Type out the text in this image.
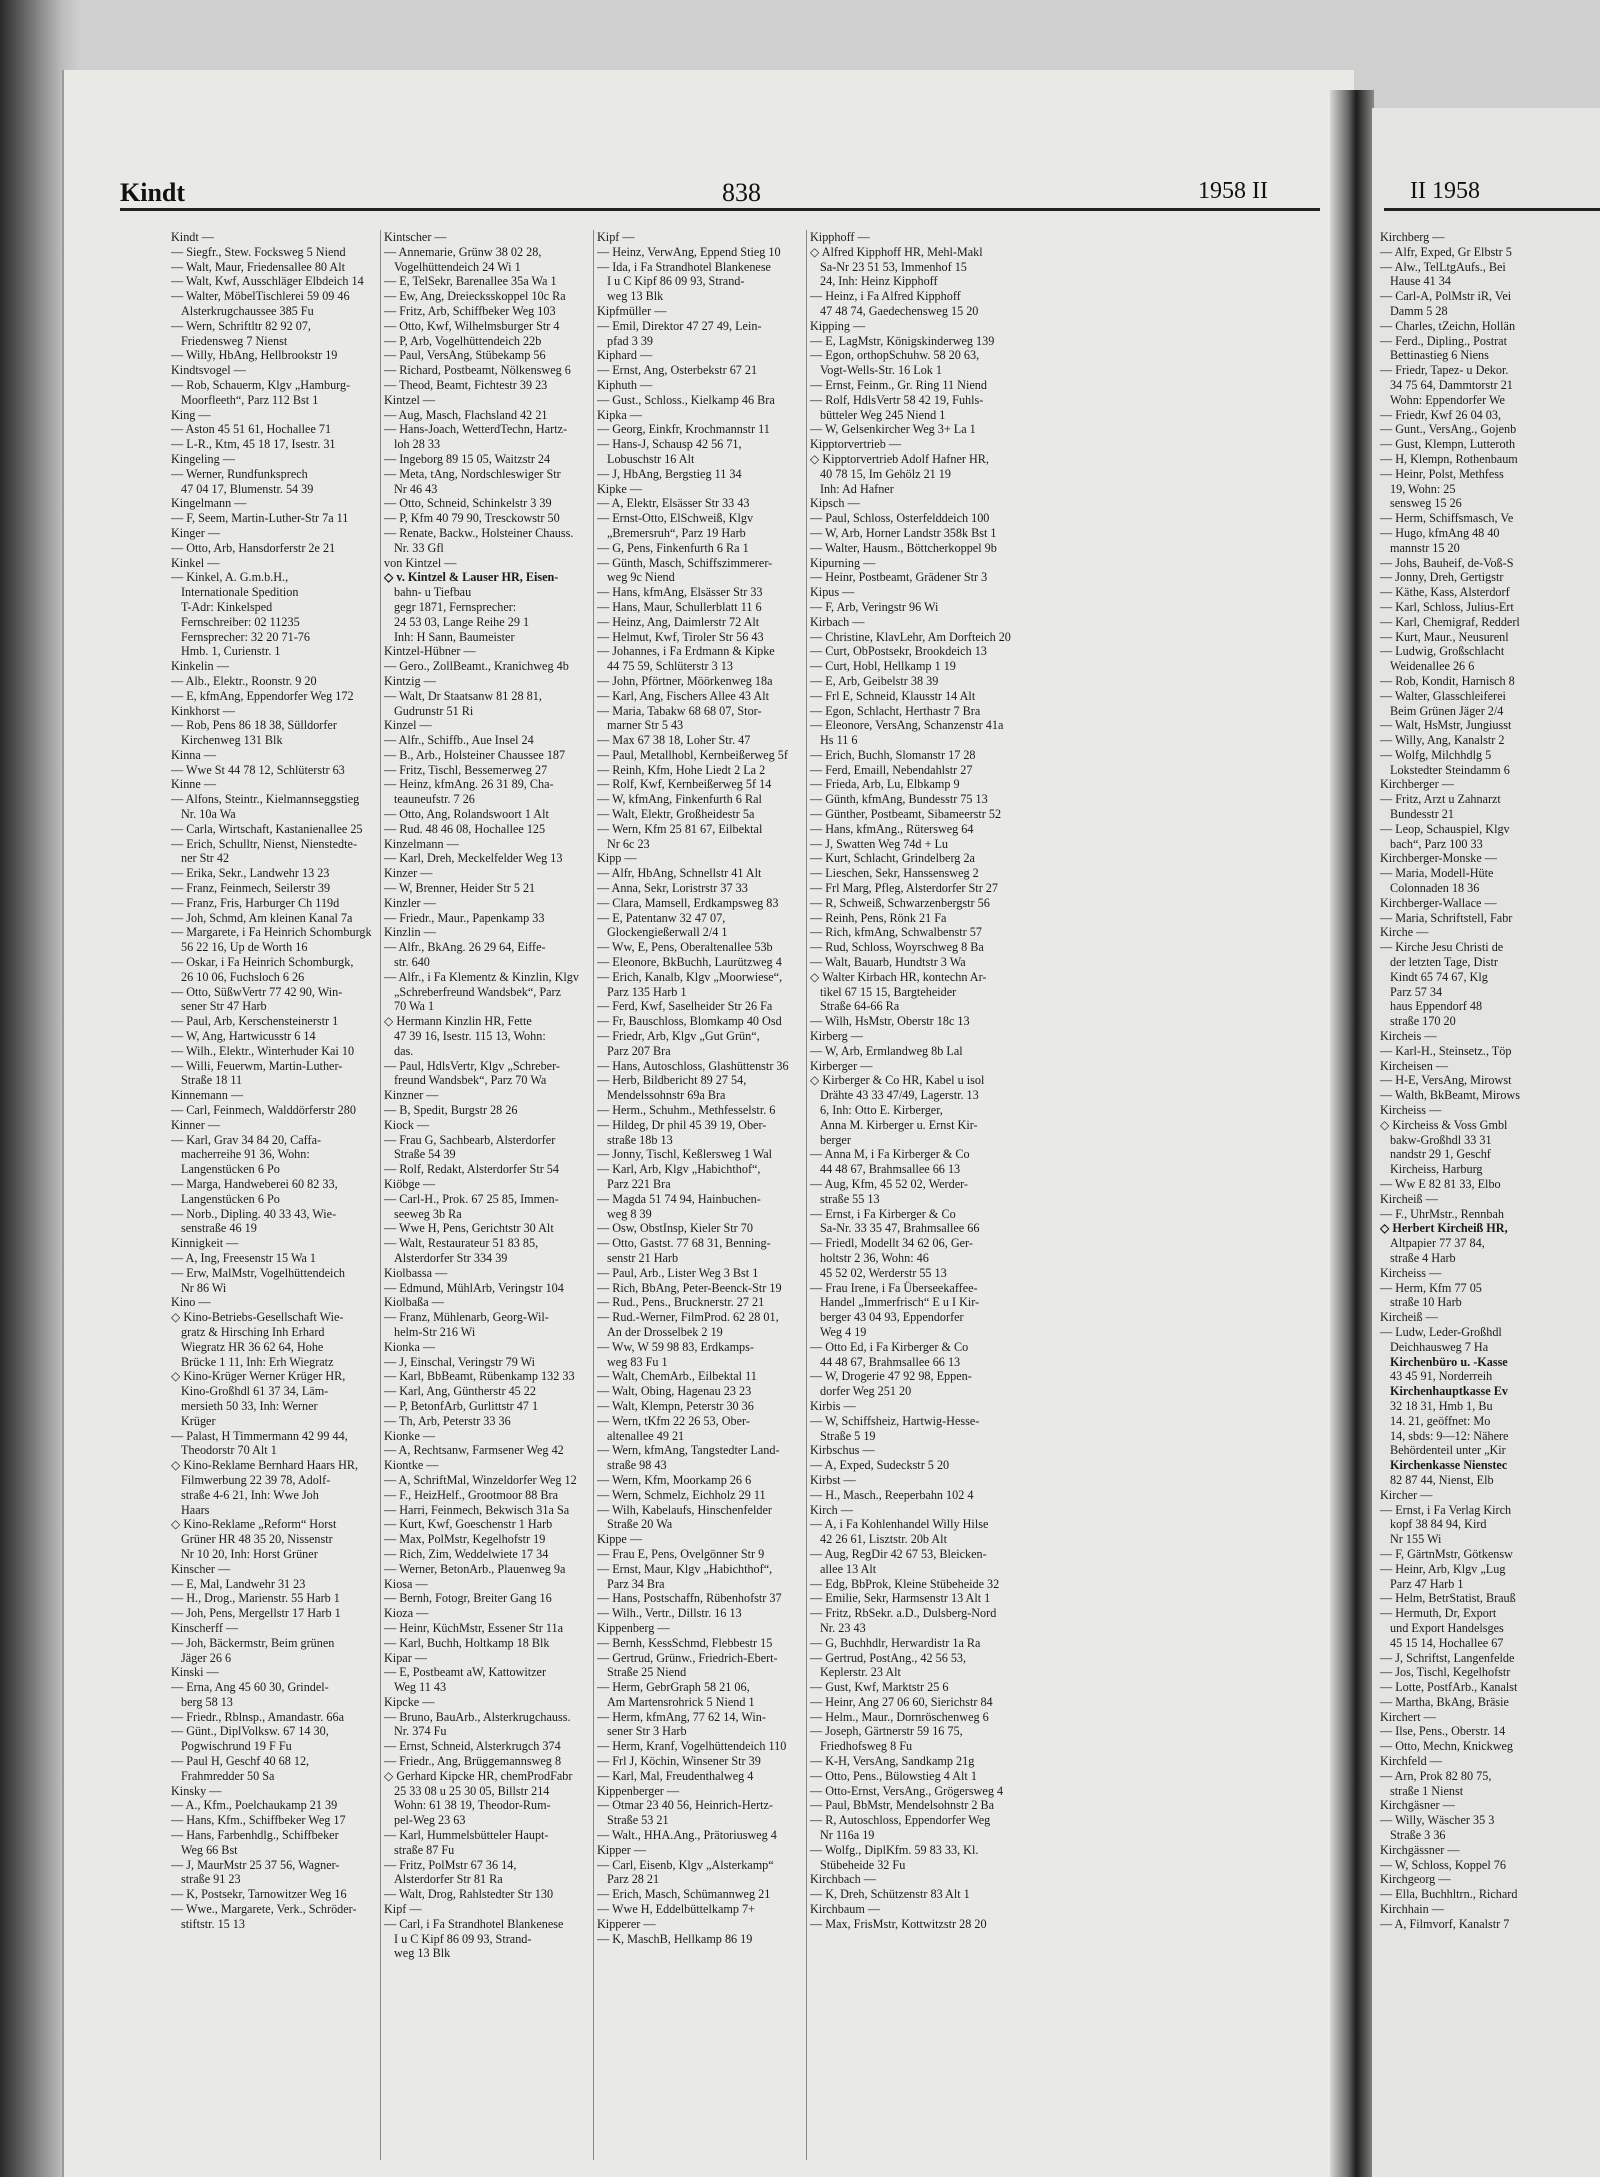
Kindt	838	1958 II	II 1958
Kindt —
— Siegfr., Stew. Focksweg 5 Niend
— Walt, Maur, Friedensallee 80 Alt
— Walt, Kwf, Ausschläger Elbdeich 14
— Walter, MöbelTischlerei 59 09 46
Alsterkrugchaussee 385 Fu
— Wern, Schriftltr 82 92 07,
Friedensweg 7 Nienst
— Willy, HbAng, Hellbrookstr 19
Kindtsvogel —
— Rob, Schauerm, Klgv „Hamburg-
Moorfleeth“, Parz 112 Bst 1
King —
— Aston 45 51 61, Hochallee 71
— L-R., Ktm, 45 18 17, Isestr. 31
Kingeling —
— Werner, Rundfunksprech
47 04 17, Blumenstr. 54 39
Kingelmann —
— F, Seem, Martin-Luther-Str 7a 11
Kinger —
— Otto, Arb, Hansdorferstr 2e 21
Kinkel —
— Kinkel, A. G.m.b.H.,
Internationale Spedition
T-Adr: Kinkelsped
Fernschreiber: 02 11235
Fernsprecher: 32 20 71-76
Hmb. 1, Curienstr. 1
Kinkelin —
— Alb., Elektr., Roonstr. 9 20
— E, kfmAng, Eppendorfer Weg 172
Kinkhorst —
— Rob, Pens 86 18 38, Sülldorfer
Kirchenweg 131 Blk
Kinna —
— Wwe St 44 78 12, Schlüterstr 63
Kinne —
— Alfons, Steintr., Kielmannseggstieg
Nr. 10a Wa
— Carla, Wirtschaft, Kastanienallee 25
— Erich, Schulltr, Nienst, Nienstedte-
ner Str 42
— Erika, Sekr., Landwehr 13 23
— Franz, Feinmech, Seilerstr 39
— Franz, Fris, Harburger Ch 119d
— Joh, Schmd, Am kleinen Kanal 7a
— Margarete, i Fa Heinrich Schomburgk
56 22 16, Up de Worth 16
— Oskar, i Fa Heinrich Schomburgk,
26 10 06, Fuchsloch 6 26
— Otto, SüßwVertr 77 42 90, Win-
sener Str 47 Harb
— Paul, Arb, Kerschensteinerstr 1
— W, Ang, Hartwicusstr 6 14
— Wilh., Elektr., Winterhuder Kai 10
— Willi, Feuerwm, Martin-Luther-
Straße 18 11
Kinnemann —
— Carl, Feinmech, Walddörferstr 280
Kinner —
— Karl, Grav 34 84 20, Caffa-
macherreihe 91 36, Wohn:
Langenstücken 6 Po
— Marga, Handweberei 60 82 33,
Langenstücken 6 Po
— Norb., Dipling. 40 33 43, Wie-
senstraße 46 19
Kinnigkeit —
— A, Ing, Freesenstr 15 Wa 1
— Erw, MalMstr, Vogelhüttendeich
Nr 86 Wi
Kino —
◇ Kino-Betriebs-Gesellschaft Wie-
gratz & Hirsching Inh Erhard
Wiegratz HR 36 62 64, Hohe
Brücke 1 11, Inh: Erh Wiegratz
◇ Kino-Krüger Werner Krüger HR,
Kino-Großhdl 61 37 34, Läm-
mersieth 50 33, Inh: Werner
Krüger
— Palast, H Timmermann 42 99 44,
Theodorstr 70 Alt 1
◇ Kino-Reklame Bernhard Haars HR,
Filmwerbung 22 39 78, Adolf-
straße 4-6 21, Inh: Wwe Joh
Haars
◇ Kino-Reklame „Reform“ Horst
Grüner HR 48 35 20, Nissenstr
Nr 10 20, Inh: Horst Grüner
Kinscher —
— E, Mal, Landwehr 31 23
— H., Drog., Marienstr. 55 Harb 1
— Joh, Pens, Mergellstr 17 Harb 1
Kinscherff —
— Joh, Bäckermstr, Beim grünen
Jäger 26 6
Kinski —
— Erna, Ang 45 60 30, Grindel-
berg 58 13
— Friedr., Rblnsp., Amandastr. 66a
— Günt., DiplVolksw. 67 14 30,
Pogwischrund 19 F Fu
— Paul H, Geschf 40 68 12,
Frahmredder 50 Sa
Kinsky —
— A., Kfm., Poelchaukamp 21 39
— Hans, Kfm., Schiffbeker Weg 17
— Hans, Farbenhdlg., Schiffbeker
Weg 66 Bst
— J, MaurMstr 25 37 56, Wagner-
straße 91 23
— K, Postsekr, Tarnowitzer Weg 16
— Wwe., Margarete, Verk., Schröder-
stiftstr. 15 13
Kintscher —
— Annemarie, Grünw 38 02 28,
Vogelhüttendeich 24 Wi 1
— E, TelSekr, Barenallee 35a Wa 1
— Ew, Ang, Dreiecksskoppel 10c Ra
— Fritz, Arb, Schiffbeker Weg 103
— Otto, Kwf, Wilhelmsburger Str 4
— P, Arb, Vogelhüttendeich 22b
— Paul, VersAng, Stübekamp 56
— Richard, Postbeamt, Nölkensweg 6
— Theod, Beamt, Fichtestr 39 23
Kintzel —
— Aug, Masch, Flachsland 42 21
— Hans-Joach, WetterdTechn, Hartz-
loh 28 33
— Ingeborg 89 15 05, Waitzstr 24
— Meta, tAng, Nordschleswiger Str
Nr 46 43
— Otto, Schneid, Schinkelstr 3 39
— P, Kfm 40 79 90, Tresckowstr 50
— Renate, Backw., Holsteiner Chauss.
Nr. 33 Gfl
von Kintzel —
◇ v. Kintzel & Lauser HR, Eisen-
bahn- u Tiefbau
gegr 1871, Fernsprecher:
24 53 03, Lange Reihe 29 1
Inh: H Sann, Baumeister
Kintzel-Hübner —
— Gero., ZollBeamt., Kranichweg 4b
Kintzig —
— Walt, Dr Staatsanw 81 28 81,
Gudrunstr 51 Ri
Kinzel —
— Alfr., Schiffb., Aue Insel 24
— B., Arb., Holsteiner Chaussee 187
— Fritz, Tischl, Bessemerweg 27
— Heinz, kfmAng. 26 31 89, Cha-
teauneufstr. 7 26
— Otto, Ang, Rolandswoort 1 Alt
— Rud. 48 46 08, Hochallee 125
Kinzelmann —
— Karl, Dreh, Meckelfelder Weg 13
Kinzer —
— W, Brenner, Heider Str 5 21
Kinzler —
— Friedr., Maur., Papenkamp 33
Kinzlin —
— Alfr., BkAng. 26 29 64, Eiffe-
str. 640
— Alfr., i Fa Klementz & Kinzlin, Klgv
„Schreberfreund Wandsbek“, Parz
70 Wa 1
◇ Hermann Kinzlin HR, Fette
47 39 16, Isestr. 115 13, Wohn:
das.
— Paul, HdlsVertr, Klgv „Schreber-
freund Wandsbek“, Parz 70 Wa
Kinzner —
— B, Spedit, Burgstr 28 26
Kiock —
— Frau G, Sachbearb, Alsterdorfer
Straße 54 39
— Rolf, Redakt, Alsterdorfer Str 54
Kiöbge —
— Carl-H., Prok. 67 25 85, Immen-
seeweg 3b Ra
— Wwe H, Pens, Gerichtstr 30 Alt
— Walt, Restaurateur 51 83 85,
Alsterdorfer Str 334 39
Kiolbassa —
— Edmund, MühlArb, Veringstr 104
Kiolbaßa —
— Franz, Mühlenarb, Georg-Wil-
helm-Str 216 Wi
Kionka —
— J, Einschal, Veringstr 79 Wi
— Karl, BbBeamt, Rübenkamp 132 33
— Karl, Ang, Güntherstr 45 22
— P, BetonfArb, Gurlittstr 47 1
— Th, Arb, Peterstr 33 36
Kionke —
— A, Rechtsanw, Farmsener Weg 42
Kiontke —
— A, SchriftMal, Winzeldorfer Weg 12
— F., HeizHelf., Grootmoor 88 Bra
— Harri, Feinmech, Bekwisch 31a Sa
— Kurt, Kwf, Goeschenstr 1 Harb
— Max, PolMstr, Kegelhofstr 19
— Rich, Zim, Weddelwiete 17 34
— Werner, BetonArb., Plauenweg 9a
Kiosa —
— Bernh, Fotogr, Breiter Gang 16
Kioza —
— Heinr, KüchMstr, Essener Str 11a
— Karl, Buchh, Holtkamp 18 Blk
Kipar —
— E, Postbeamt aW, Kattowitzer
Weg 11 43
Kipcke —
— Bruno, BauArb., Alsterkrugchauss.
Nr. 374 Fu
— Ernst, Schneid, Alsterkrugch 374
— Friedr., Ang, Brüggemannsweg 8
◇ Gerhard Kipcke HR, chemProdFabr
25 33 08 u 25 30 05, Billstr 214
Wohn: 61 38 19, Theodor-Rum-
pel-Weg 23 63
— Karl, Hummelsbütteler Haupt-
straße 87 Fu
— Fritz, PolMstr 67 36 14,
Alsterdorfer Str 81 Ra
— Walt, Drog, Rahlstedter Str 130
Kipf —
— Carl, i Fa Strandhotel Blankenese
I u C Kipf 86 09 93, Strand-
weg 13 Blk
Kipf —
— Heinz, VerwAng, Eppend Stieg 10
— Ida, i Fa Strandhotel Blankenese
I u C Kipf 86 09 93, Strand-
weg 13 Blk
Kipfmüller —
— Emil, Direktor 47 27 49, Lein-
pfad 3 39
Kiphard —
— Ernst, Ang, Osterbekstr 67 21
Kiphuth —
— Gust., Schloss., Kielkamp 46 Bra
Kipka —
— Georg, Einkfr, Krochmannstr 11
— Hans-J, Schausp 42 56 71,
Lobuschstr 16 Alt
— J, HbAng, Bergstieg 11 34
Kipke —
— A, Elektr, Elsässer Str 33 43
— Ernst-Otto, ElSchweiß, Klgv
„Bremersruh“, Parz 19 Harb
— G, Pens, Finkenfurth 6 Ra 1
— Günth, Masch, Schiffszimmerer-
weg 9c Niend
— Hans, kfmAng, Elsässer Str 33
— Hans, Maur, Schullerblatt 11 6
— Heinz, Ang, Daimlerstr 72 Alt
— Helmut, Kwf, Tiroler Str 56 43
— Johannes, i Fa Erdmann & Kipke
44 75 59, Schlüterstr 3 13
— John, Pförtner, Möörkenweg 18a
— Karl, Ang, Fischers Allee 43 Alt
— Maria, Tabakw 68 68 07, Stor-
marner Str 5 43
— Max 67 38 18, Loher Str. 47
— Paul, Metallhobl, Kernbeißerweg 5f
— Reinh, Kfm, Hohe Liedt 2 La 2
— Rolf, Kwf, Kernbeißerweg 5f 14
— W, kfmAng, Finkenfurth 6 Ral
— Walt, Elektr, Großheidestr 5a
— Wern, Kfm 25 81 67, Eilbektal
Nr 6c 23
Kipp —
— Alfr, HbAng, Schnellstr 41 Alt
— Anna, Sekr, Loristrstr 37 33
— Clara, Mamsell, Erdkampsweg 83
— E, Patentanw 32 47 07,
Glockengießerwall 2/4 1
— Ww, E, Pens, Oberaltenallee 53b
— Eleonore, BkBuchh, Laurützweg 4
— Erich, Kanalb, Klgv „Moorwiese“,
Parz 135 Harb 1
— Ferd, Kwf, Saselheider Str 26 Fa
— Fr, Bauschloss, Blomkamp 40 Osd
— Friedr, Arb, Klgv „Gut Grün“,
Parz 207 Bra
— Hans, Autoschloss, Glashüttenstr 36
— Herb, Bildbericht 89 27 54,
Mendelssohnstr 69a Bra
— Herm., Schuhm., Methfesselstr. 6
— Hildeg, Dr phil 45 39 19, Ober-
straße 18b 13
— Jonny, Tischl, Keßlersweg 1 Wal
— Karl, Arb, Klgv „Habichthof“,
Parz 221 Bra
— Magda 51 74 94, Hainbuchen-
weg 8 39
— Osw, ObstInsp, Kieler Str 70
— Otto, Gastst. 77 68 31, Benning-
senstr 21 Harb
— Paul, Arb., Lister Weg 3 Bst 1
— Rich, BbAng, Peter-Beenck-Str 19
— Rud., Pens., Brucknerstr. 27 21
— Rud.-Werner, FilmProd. 62 28 01,
An der Drosselbek 2 19
— Ww, W 59 98 83, Erdkamps-
weg 83 Fu 1
— Walt, ChemArb., Eilbektal 11
— Walt, Obing, Hagenau 23 23
— Walt, Klempn, Peterstr 30 36
— Wern, tKfm 22 26 53, Ober-
altenallee 49 21
— Wern, kfmAng, Tangstedter Land-
straße 98 43
— Wern, Kfm, Moorkamp 26 6
— Wern, Schmelz, Eichholz 29 11
— Wilh, Kabelaufs, Hinschenfelder
Straße 20 Wa
Kippe —
— Frau E, Pens, Ovelgönner Str 9
— Ernst, Maur, Klgv „Habichthof“,
Parz 34 Bra
— Hans, Postschaffn, Rübenhofstr 37
— Wilh., Vertr., Dillstr. 16 13
Kippenberg —
— Bernh, KessSchmd, Flebbestr 15
— Gertrud, Grünw., Friedrich-Ebert-
Straße 25 Niend
— Herm, GebrGraph 58 21 06,
Am Martensrohrick 5 Niend 1
— Herm, kfmAng, 77 62 14, Win-
sener Str 3 Harb
— Herm, Kranf, Vogelhüttendeich 110
— Frl J, Köchin, Winsener Str 39
— Karl, Mal, Freudenthalweg 4
Kippenberger —
— Otmar 23 40 56, Heinrich-Hertz-
Straße 53 21
— Walt., HHA.Ang., Prätoriusweg 4
Kipper —
— Carl, Eisenb, Klgv „Alsterkamp“
Parz 28 21
— Erich, Masch, Schümannweg 21
— Wwe H, Eddelbüttelkamp 7+
Kipperer —
— K, MaschB, Hellkamp 86 19
Kipphoff —
◇ Alfred Kipphoff HR, Mehl-Makl
Sa-Nr 23 51 53, Immenhof 15
24, Inh: Heinz Kipphoff
— Heinz, i Fa Alfred Kipphoff
47 48 74, Gaedechensweg 15 20
Kipping —
— E, LagMstr, Königskinderweg 139
— Egon, orthopSchuhw. 58 20 63,
Vogt-Wells-Str. 16 Lok 1
— Ernst, Feinm., Gr. Ring 11 Niend
— Rolf, HdlsVertr 58 42 19, Fuhls-
bütteler Weg 245 Niend 1
— W, Gelsenkircher Weg 3+ La 1
Kipptorvertrieb —
◇ Kipptorvertrieb Adolf Hafner HR,
40 78 15, Im Gehölz 21 19
Inh: Ad Hafner
Kipsch —
— Paul, Schloss, Osterfelddeich 100
— W, Arb, Horner Landstr 358k Bst 1
— Walter, Hausm., Böttcherkoppel 9b
Kipurning —
— Heinr, Postbeamt, Grädener Str 3
Kipus —
— F, Arb, Veringstr 96 Wi
Kirbach —
— Christine, KlavLehr, Am Dorfteich 20
— Curt, ObPostsekr, Brookdeich 13
— Curt, Hobl, Hellkamp 1 19
— E, Arb, Geibelstr 38 39
— Frl E, Schneid, Klausstr 14 Alt
— Egon, Schlacht, Herthastr 7 Bra
— Eleonore, VersAng, Schanzenstr 41a
Hs 11 6
— Erich, Buchh, Slomanstr 17 28
— Ferd, Emaill, Nebendahlstr 27
— Frieda, Arb, Lu, Elbkamp 9
— Günth, kfmAng, Bundesstr 75 13
— Günther, Postbeamt, Sibameerstr 52
— Hans, kfmAng., Rütersweg 64
— J, Swatten Weg 74d + Lu
— Kurt, Schlacht, Grindelberg 2a
— Lieschen, Sekr, Hanssensweg 2
— Frl Marg, Pfleg, Alsterdorfer Str 27
— R, Schweiß, Schwarzenbergstr 56
— Reinh, Pens, Rönk 21 Fa
— Rich, kfmAng, Schwalbenstr 57
— Rud, Schloss, Woyrschweg 8 Ba
— Walt, Bauarb, Hundtstr 3 Wa
◇ Walter Kirbach HR, kontechn Ar-
tikel 67 15 15, Bargteheider
Straße 64-66 Ra
— Wilh, HsMstr, Oberstr 18c 13
Kirberg —
— W, Arb, Ermlandweg 8b Lal
Kirberger —
◇ Kirberger & Co HR, Kabel u isol
Drähte 43 33 47/49, Lagerstr. 13
6, Inh: Otto E. Kirberger,
Anna M. Kirberger u. Ernst Kir-
berger
— Anna M, i Fa Kirberger & Co
44 48 67, Brahmsallee 66 13
— Aug, Kfm, 45 52 02, Werder-
straße 55 13
— Ernst, i Fa Kirberger & Co
Sa-Nr. 33 35 47, Brahmsallee 66
— Friedl, Modellt 34 62 06, Ger-
holtstr 2 36, Wohn: 46
45 52 02, Werderstr 55 13
— Frau Irene, i Fa Überseekaffee-
Handel „Immerfrisch“ E u I Kir-
berger 43 04 93, Eppendorfer
Weg 4 19
— Otto Ed, i Fa Kirberger & Co
44 48 67, Brahmsallee 66 13
— W, Drogerie 47 92 98, Eppen-
dorfer Weg 251 20
Kirbis —
— W, Schiffsheiz, Hartwig-Hesse-
Straße 5 19
Kirbschus —
— A, Exped, Sudeckstr 5 20
Kirbst —
— H., Masch., Reeperbahn 102 4
Kirch —
— A, i Fa Kohlenhandel Willy Hilse
42 26 61, Lisztstr. 20b Alt
— Aug, RegDir 42 67 53, Bleicken-
allee 13 Alt
— Edg, BbProk, Kleine Stübeheide 32
— Emilie, Sekr, Harmsenstr 13 Alt 1
— Fritz, RbSekr. a.D., Dulsberg-Nord
Nr. 23 43
— G, Buchhdlr, Herwardistr 1a Ra
— Gertrud, PostAng., 42 56 53,
Keplerstr. 23 Alt
— Gust, Kwf, Marktstr 25 6
— Heinr, Ang 27 06 60, Sierichstr 84
— Helm., Maur., Dornröschenweg 6
— Joseph, Gärtnerstr 59 16 75,
Friedhofsweg 8 Fu
— K-H, VersAng, Sandkamp 21g
— Otto, Pens., Bülowstieg 4 Alt 1
— Otto-Ernst, VersAng., Grögersweg 4
— Paul, BbMstr, Mendelsohnstr 2 Ba
— R, Autoschloss, Eppendorfer Weg
Nr 116a 19
— Wolfg., DiplKfm. 59 83 33, Kl.
Stübeheide 32 Fu
Kirchbach —
— K, Dreh, Schützenstr 83 Alt 1
Kirchbaum —
— Max, FrisMstr, Kottwitzstr 28 20
Kirchberg —
— Alfr, Exped, Gr Elbstr 5
— Alw., TelLtgAufs., Bei
Hause 41 34
— Carl-A, PolMstr iR, Vei
Damm 5 28
— Charles, tZeichn, Hollän
— Ferd., Dipling., Postrat
Bettinastieg 6 Niens
— Friedr, Tapez- u Dekor.
34 75 64, Dammtorstr 21
Wohn: Eppendorfer We
— Friedr, Kwf 26 04 03,
— Gunt., VersAng., Gojenb
— Gust, Klempn, Lutteroth
— H, Klempn, Rothenbaum
— Heinr, Polst, Methfess
19, Wohn: 25
sensweg 15 26
— Herm, Schiffsmasch, Ve
— Hugo, kfmAng 48 40
mannstr 15 20
— Johs, Bauheif, de-Voß-S
— Jonny, Dreh, Gertigstr
— Käthe, Kass, Alsterdorf
— Karl, Schloss, Julius-Ert
— Karl, Chemigraf, Redderl
— Kurt, Maur., Neusurenl
— Ludwig, Großschlacht
Weidenallee 26 6
— Rob, Kondit, Harnisch 8
— Walter, Glasschleiferei
Beim Grünen Jäger 2/4
— Walt, HsMstr, Jungiusst
— Willy, Ang, Kanalstr 2
— Wolfg, Milchhdlg 5
Lokstedter Steindamm 6
Kirchberger —
— Fritz, Arzt u Zahnarzt
Bundesstr 21
— Leop, Schauspiel, Klgv
bach“, Parz 100 33
Kirchberger-Monske —
— Maria, Modell-Hüte
Colonnaden 18 36
Kirchberger-Wallace —
— Maria, Schriftstell, Fabr
Kirche —
— Kirche Jesu Christi de
der letzten Tage, Distr
Kindt 65 74 67, Klg
Parz 57 34
haus Eppendorf 48
straße 170 20
Kircheis —
— Karl-H., Steinsetz., Töp
Kircheisen —
— H-E, VersAng, Mirowst
— Walth, BkBeamt, Mirows
Kircheiss —
◇ Kircheiss & Voss Gmbl
bakw-Großhdl 33 31
nandstr 29 1, Geschf
Kircheiss, Harburg
— Ww E 82 81 33, Elbo
Kircheiß —
— F., UhrMstr., Rennbah
◇ Herbert Kircheiß HR,
Altpapier 77 37 84,
straße 4 Harb
Kircheiss —
— Herm, Kfm 77 05
straße 10 Harb
Kircheiß —
— Ludw, Leder-Großhdl
Deichhausweg 7 Ha
Kirchenbüro u. -Kasse
43 45 91, Norderreih
Kirchenhauptkasse Ev
32 18 31, Hmb 1, Bu
14. 21, geöffnet: Mo
14, sbds: 9—12: Nähere
Behördenteil unter „Kir
Kirchenkasse Nienstec
82 87 44, Nienst, Elb
Kircher —
— Ernst, i Fa Verlag Kirch
kopf 38 84 94, Kird
Nr 155 Wi
— F, GärtnMstr, Götkensw
— Heinr, Arb, Klgv „Lug
Parz 47 Harb 1
— Helm, BetrStatist, Brauß
— Hermuth, Dr, Export
und Export Handelsges
45 15 14, Hochallee 67
— J, Schriftst, Langenfelde
— Jos, Tischl, Kegelhofstr
— Lotte, PostfArb., Kanalst
— Martha, BkAng, Bräsie
Kirchert —
— Ilse, Pens., Oberstr. 14
— Otto, Mechn, Knickweg
Kirchfeld —
— Arn, Prok 82 80 75,
straße 1 Nienst
Kirchgäsner —
— Willy, Wäscher 35 3
Straße 3 36
Kirchgässner —
— W, Schloss, Koppel 76
Kirchgeorg —
— Ella, Buchhltrn., Richard
Kirchhain —
— A, Filmvorf, Kanalstr 7
